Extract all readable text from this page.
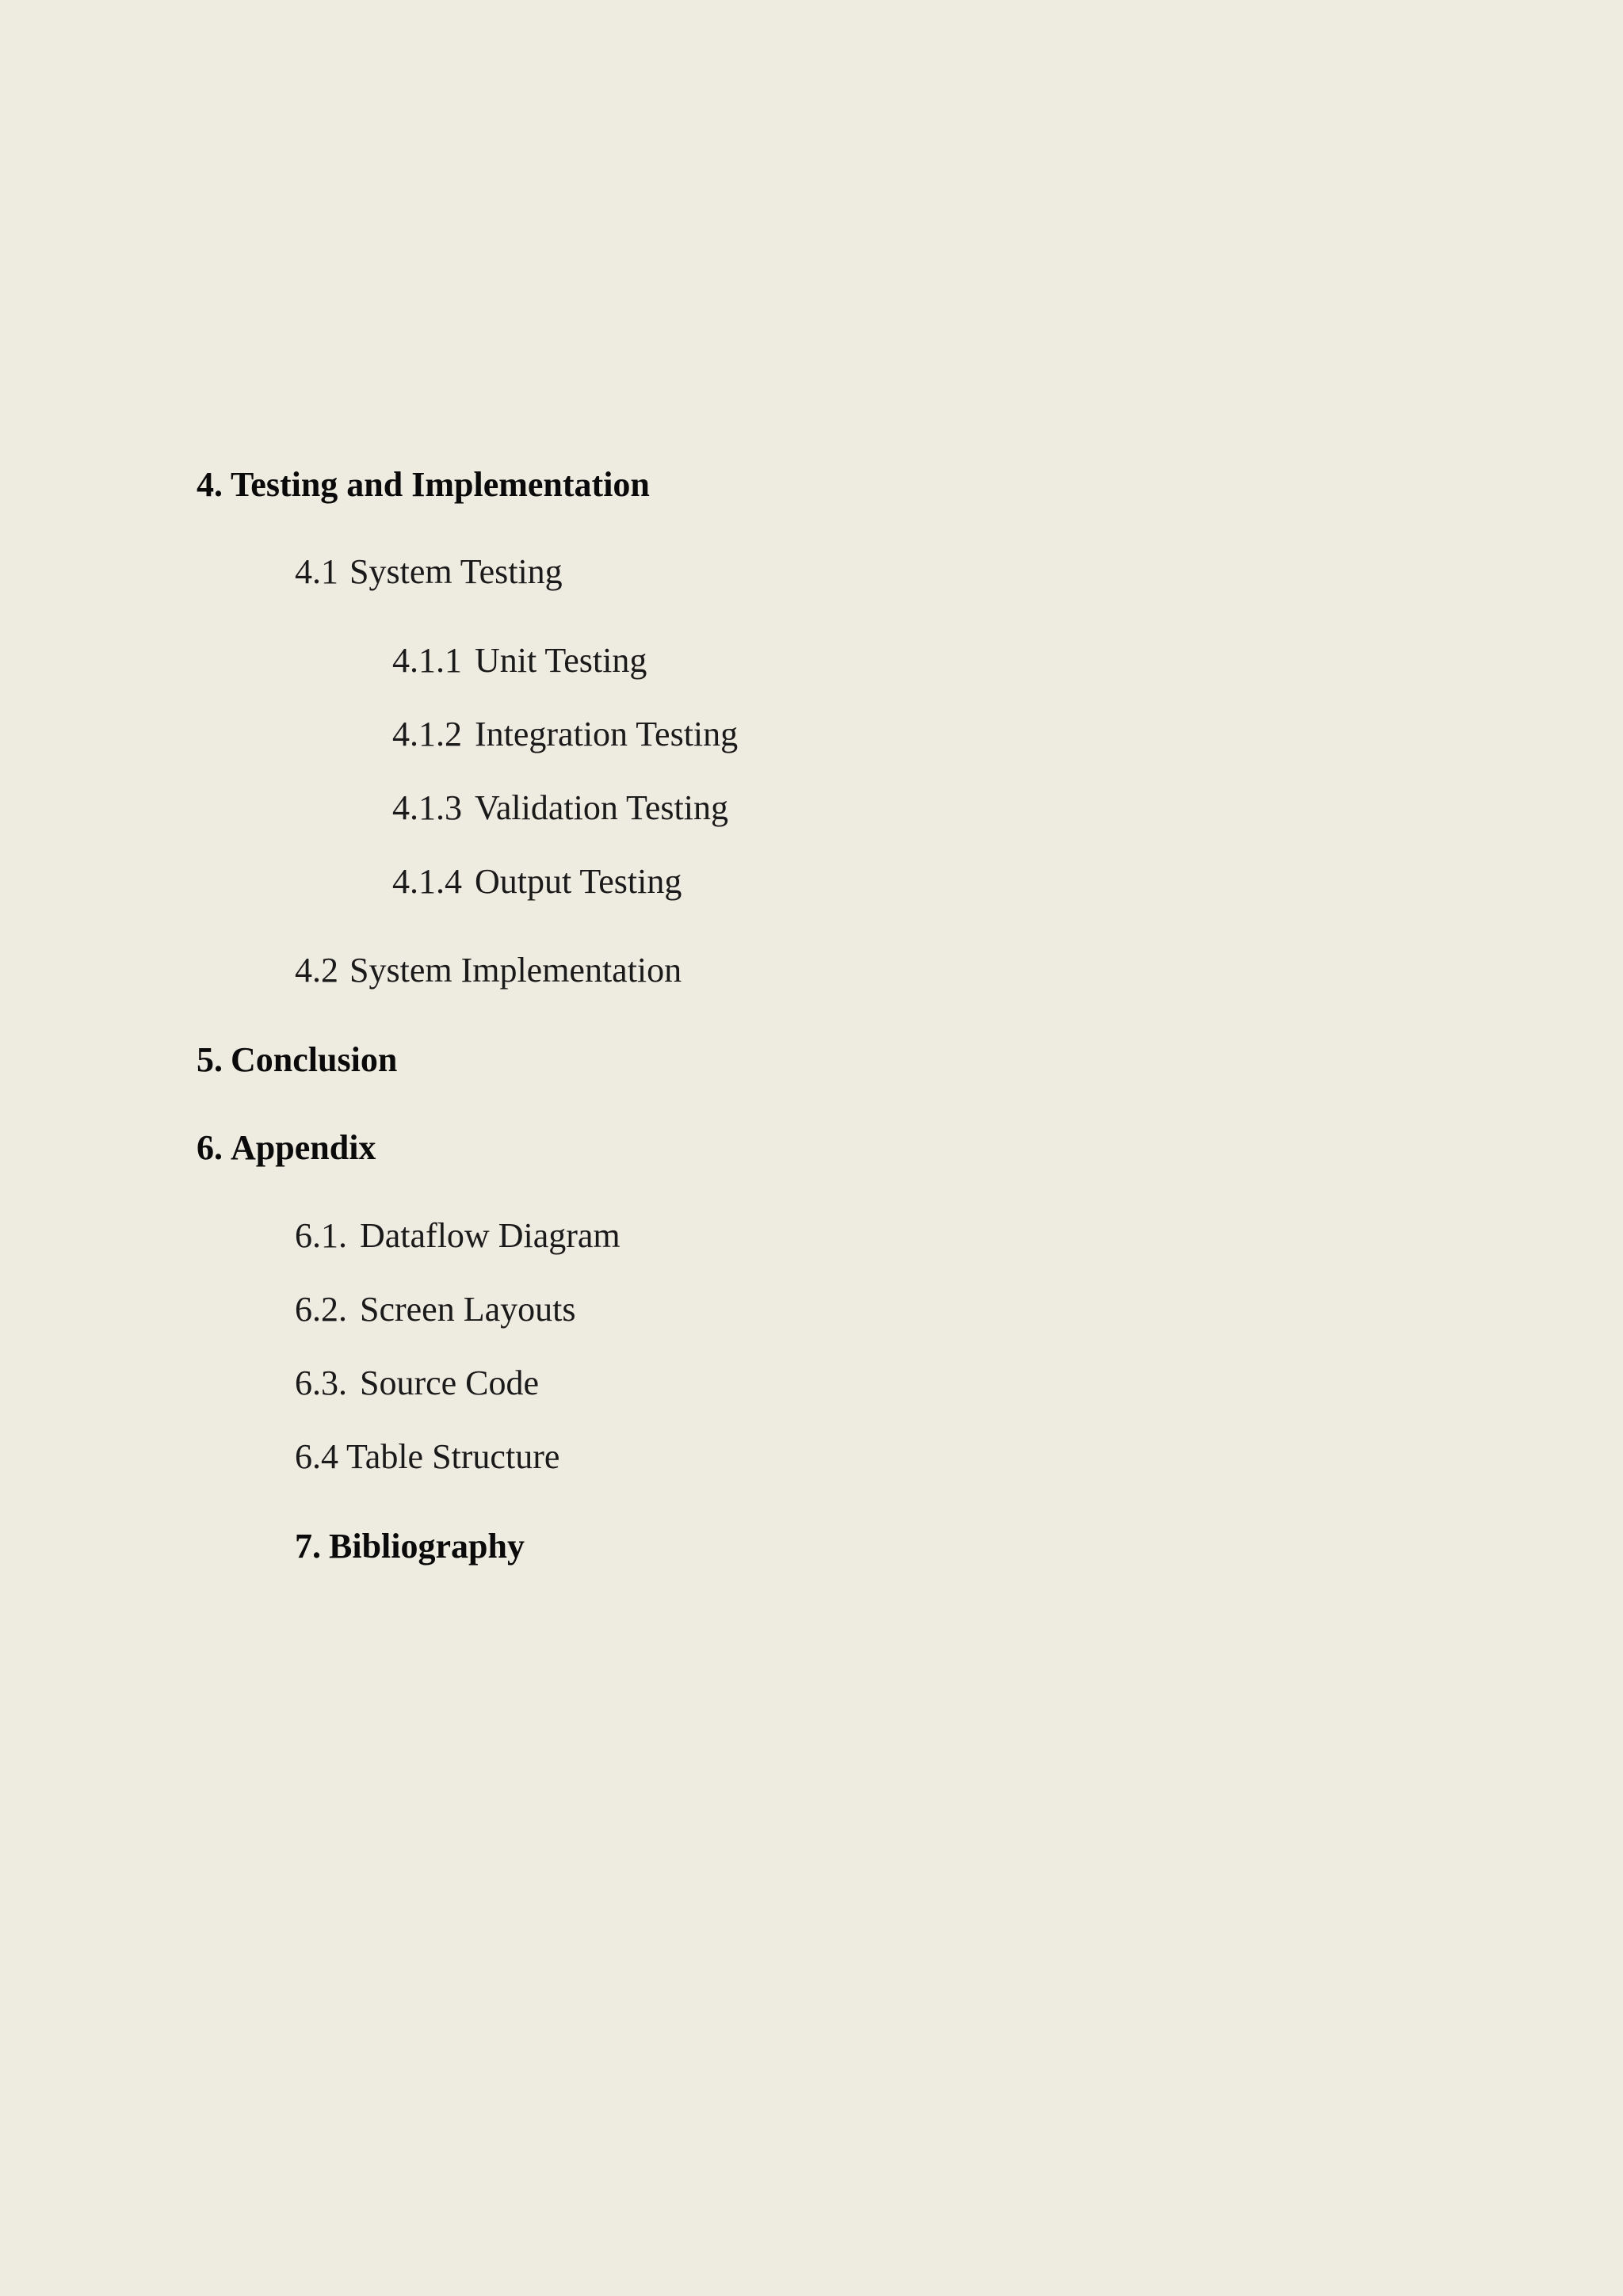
4. Testing and Implementation
4.1 System Testing
4.1.1 Unit Testing
4.1.2 Integration Testing
4.1.3 Validation Testing
4.1.4 Output Testing
4.2 System Implementation
5. Conclusion
6. Appendix
6.1. Dataflow Diagram
6.2. Screen Layouts
6.3. Source Code
6.4 Table Structure
7. Bibliography
